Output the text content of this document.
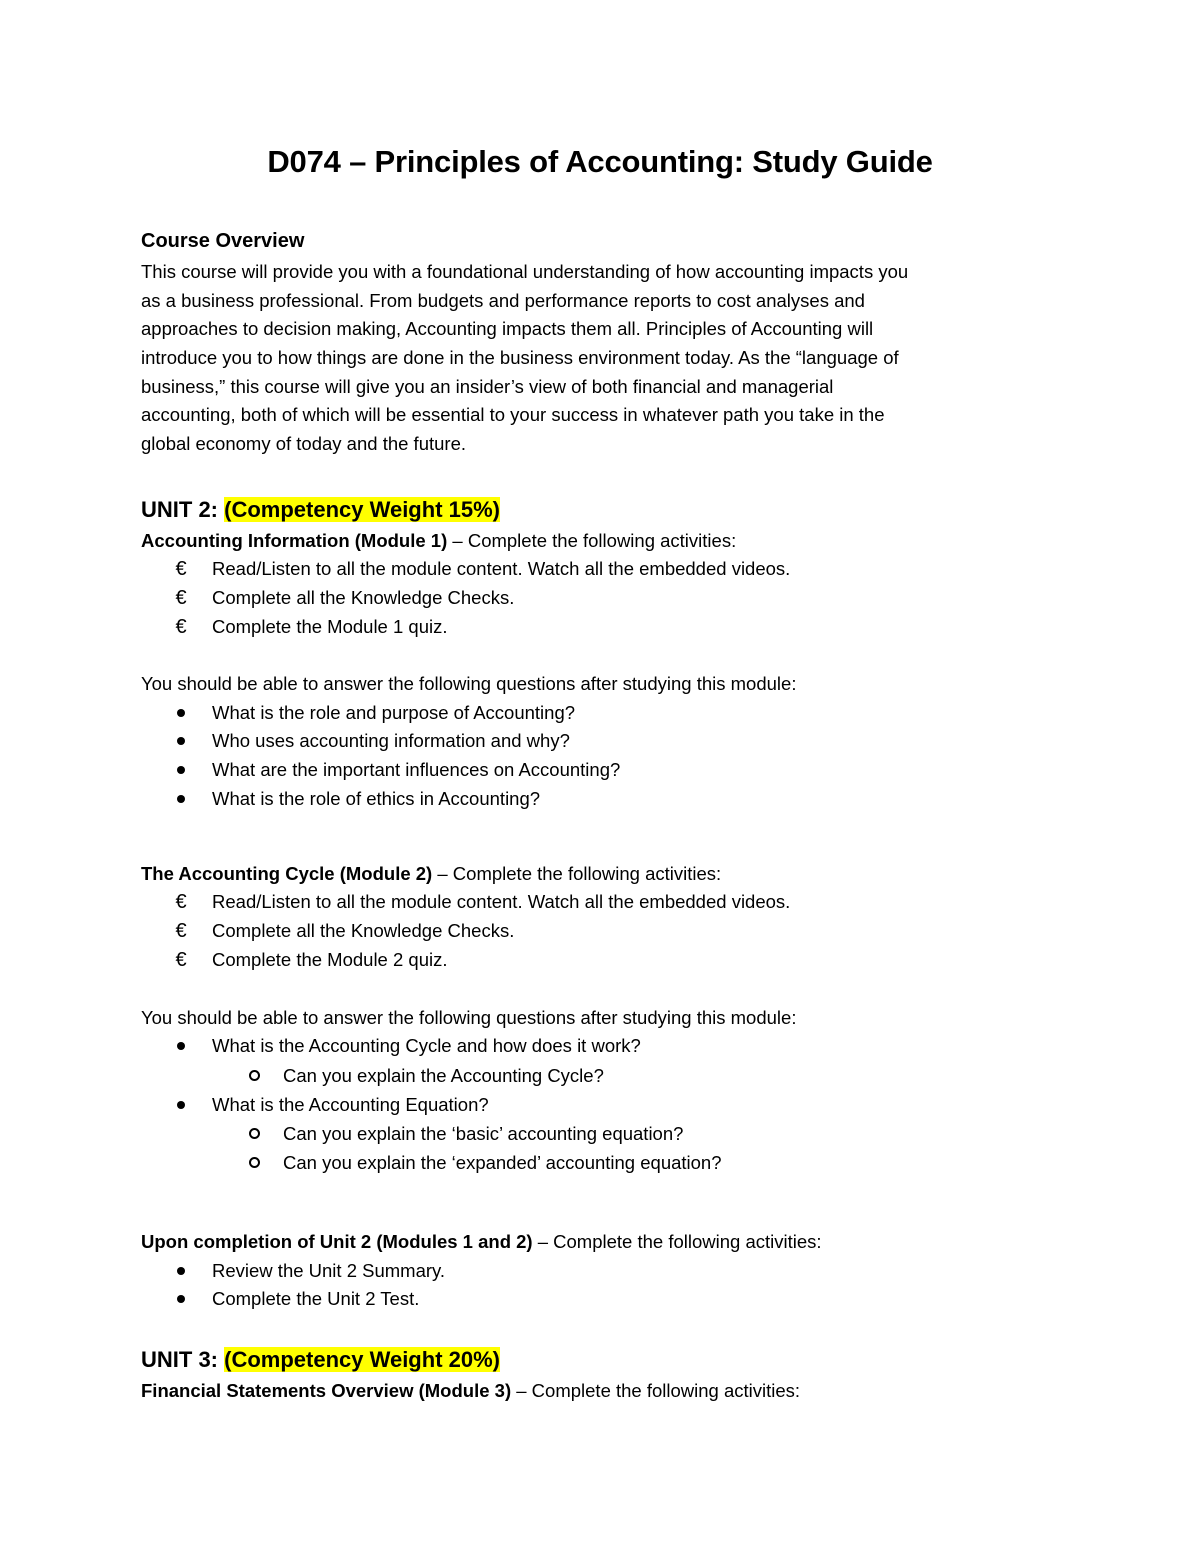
D074 – Principles of Accounting: Study Guide
Course Overview
This course will provide you with a foundational understanding of how accounting impacts you
as a business professional. From budgets and performance reports to cost analyses and
approaches to decision making, Accounting impacts them all. Principles of Accounting will
introduce you to how things are done in the business environment today. As the “language of
business,” this course will give you an insider’s view of both financial and managerial
accounting, both of which will be essential to your success in whatever path you take in the
global economy of today and the future.
UNIT 2: (Competency Weight 15%)
Accounting Information (Module 1) – Complete the following activities:
€ Read/Listen to all the module content. Watch all the embedded videos.
€ Complete all the Knowledge Checks.
€ Complete the Module 1 quiz.
You should be able to answer the following questions after studying this module:
What is the role and purpose of Accounting?
Who uses accounting information and why?
What are the important influences on Accounting?
What is the role of ethics in Accounting?
The Accounting Cycle (Module 2) – Complete the following activities:
€ Read/Listen to all the module content. Watch all the embedded videos.
€ Complete all the Knowledge Checks.
€ Complete the Module 2 quiz.
You should be able to answer the following questions after studying this module:
What is the Accounting Cycle and how does it work?
Can you explain the Accounting Cycle?
What is the Accounting Equation?
Can you explain the ‘basic’ accounting equation?
Can you explain the ‘expanded’ accounting equation?
Upon completion of Unit 2 (Modules 1 and 2) – Complete the following activities:
Review the Unit 2 Summary.
Complete the Unit 2 Test.
UNIT 3: (Competency Weight 20%)
Financial Statements Overview (Module 3) – Complete the following activities:
